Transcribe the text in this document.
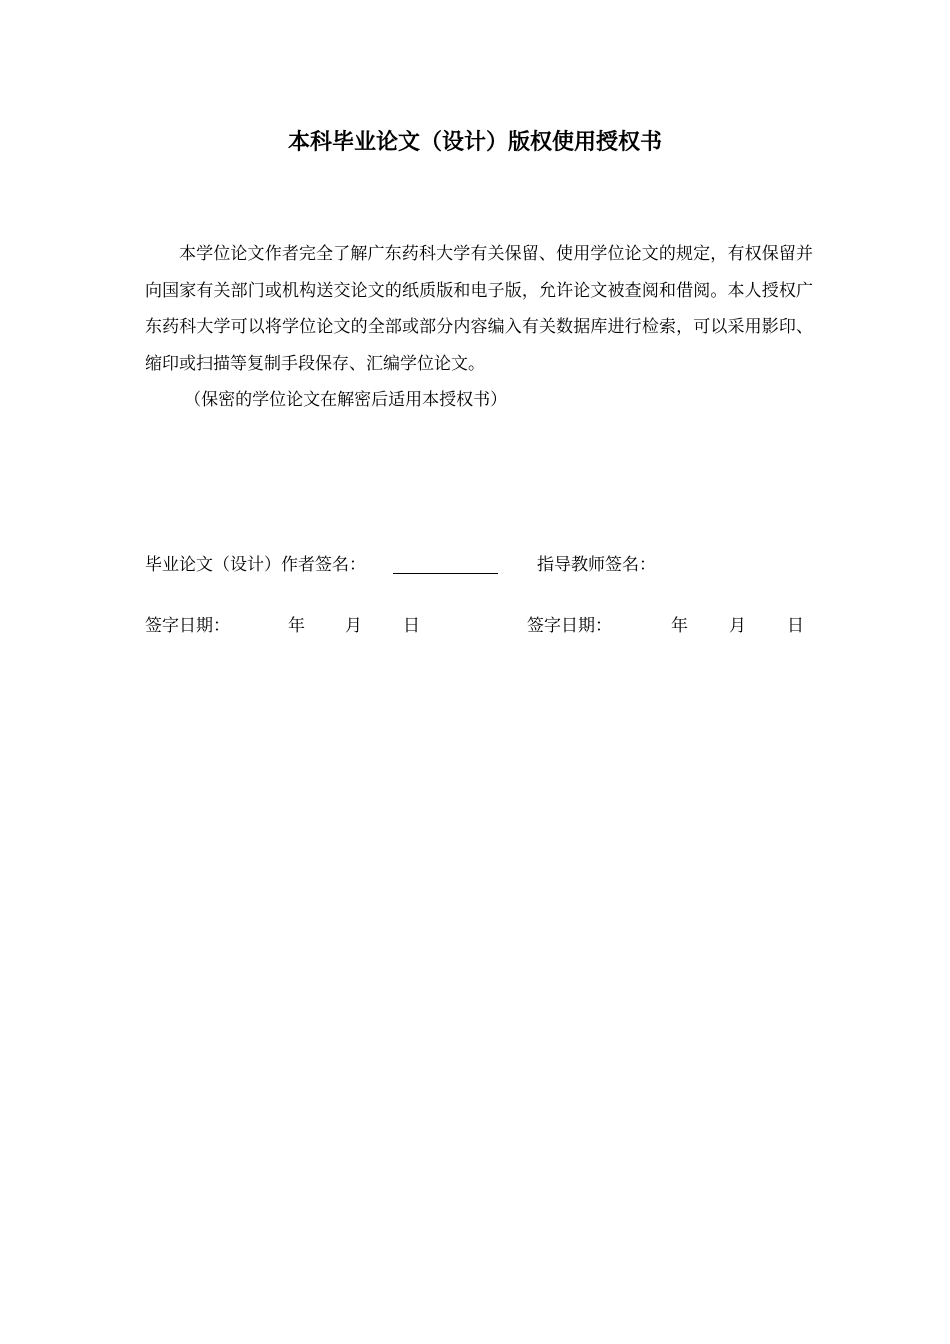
本科毕业论文（设计）版权使用授权书

本学位论文作者完全了解广东药科大学有关保留、使用学位论文的规定，有权保留并向国家有关部门或机构送交论文的纸质版和电子版，允许论文被查阅和借阅。本人授权广东药科大学可以将学位论文的全部或部分内容编入有关数据库进行检索，可以采用影印、缩印或扫描等复制手段保存、汇编学位论文。

（保密的学位论文在解密后适用本授权书）

毕业论文（设计）作者签名：	指导教师签名：
签字日期：	年 月 日	签字日期：	年 月 日
